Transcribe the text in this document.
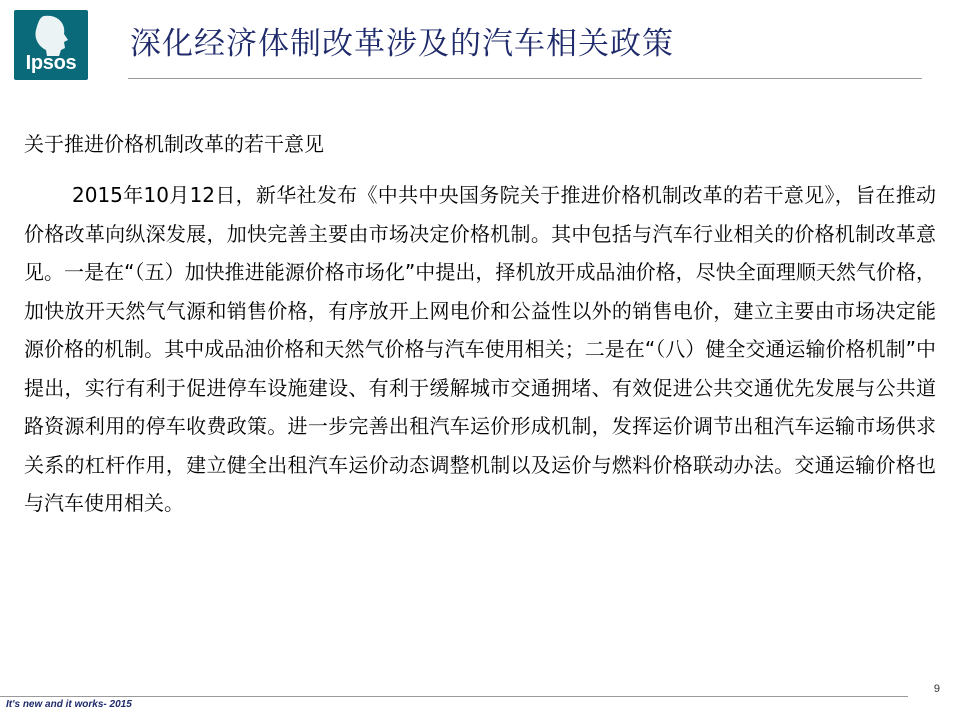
Ipsos
深化经济体制改革涉及的汽车相关政策
关于推进价格机制改革的若干意见

2015年10月12日，新华社发布《中共中央国务院关于推进价格机制改革的若干意见》，旨在推动价格改革向纵深发展，加快完善主要由市场决定价格机制。其中包括与汽车行业相关的价格机制改革意见。一是在“（五）加快推进能源价格市场化”中提出，择机放开成品油价格，尽快全面理顺天然气价格，加快放开天然气气源和销售价格，有序放开上网电价和公益性以外的销售电价，建立主要由市场决定能源价格的机制。其中成品油价格和天然气价格与汽车使用相关；二是在“（八）健全交通运输价格机制”中提出，实行有利于促进停车设施建设、有利于缓解城市交通拥堵、有效促进公共交通优先发展与公共道路资源利用的停车收费政策。进一步完善出租汽车运价形成机制，发挥运价调节出租汽车运输市场供求关系的杠杆作用，建立健全出租汽车运价动态调整机制以及运价与燃料价格联动办法。交通运输价格也与汽车使用相关。

It's new and it works- 2015
9
